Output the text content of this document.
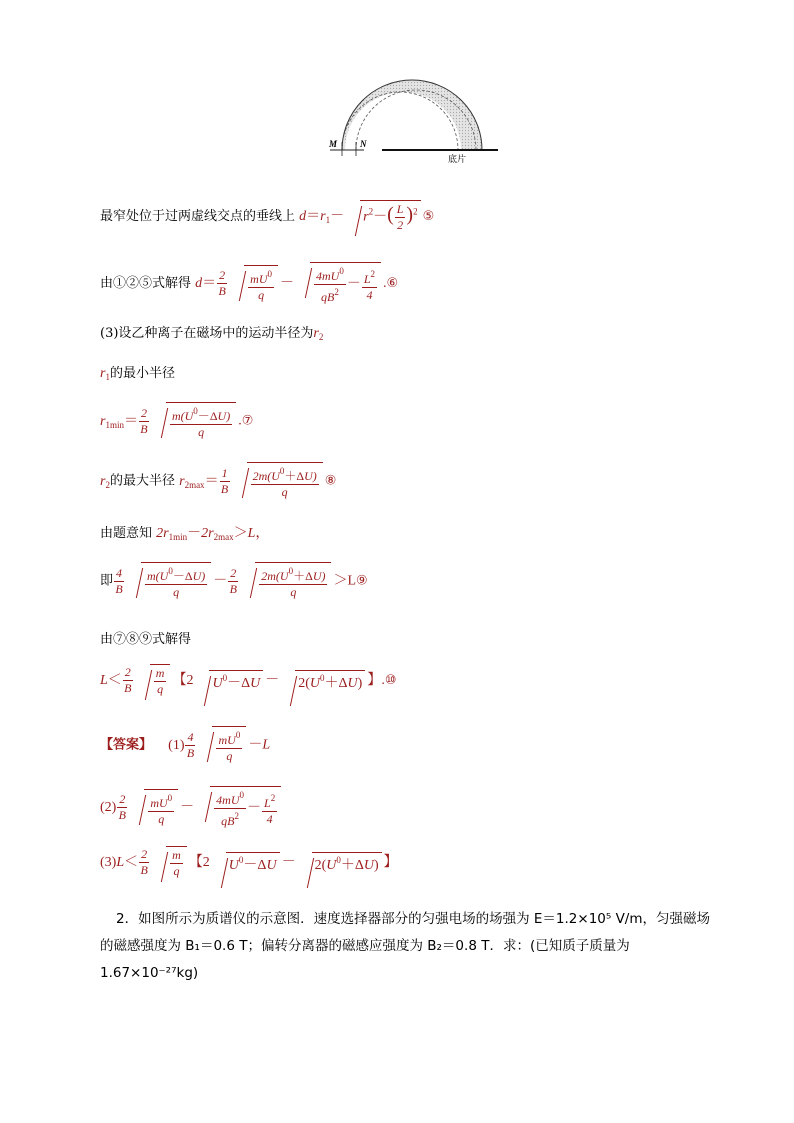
M	N
底片
最窄处位于过两虚线交点的垂线上 $d=r_1- r^2-( \frac{L}{2} )^2$ ⑤
由①②⑤式解得 $d= \frac{2}{B} \frac{mU^0}{q} - \frac{4mU^0}{qB^2} - \frac{L^2}{4}$ .⑥
(3)设乙种离子在磁场中的运动半径为$r_2$
$r_1$的最小半径
$r_{1min}= \frac{2}{B} \frac{m(U^0-\Delta U)}{q}$ .⑦
$r_2$的最大半径 $r_{2max}= \frac{1}{B} \frac{2m(U^0+\Delta U)}{q}$ ⑧
由题意知 $2r_{1min}-2r_{2max}>L$，
即 $\frac{4}{B} \frac{m(U^0-\Delta U)}{q} - \frac{2}{B} \frac{2m(U^0+\Delta U)}{q}$ ＞L⑨
由⑦⑧⑨式解得
$L< \frac{2}{B} \frac{m}{q}$ 【2 $U^0-\Delta U - 2(U^0+\Delta U)$ 】.⑩
【答案】 $(1) \frac{4}{B} \frac{mU^0}{q} -L$
$(2) \frac{2}{B} \frac{mU^0}{q} - \frac{4mU^0}{qB^2} - \frac{L^2}{4}$
$(3)L< \frac{2}{B} \frac{m}{q}$ 【2 $U^0-\Delta U - 2(U^0+\Delta U)$ 】
2．如图所示为质谱仪的示意图．速度选择器部分的匀强电场的场强为 E＝1.2×10⁵ V/m，匀强磁场的磁感强度为 B₁＝0.6 T；偏转分离器的磁感应强度为 B₂＝0.8 T．求：(已知质子质量为 1.67×10⁻²⁷kg)
